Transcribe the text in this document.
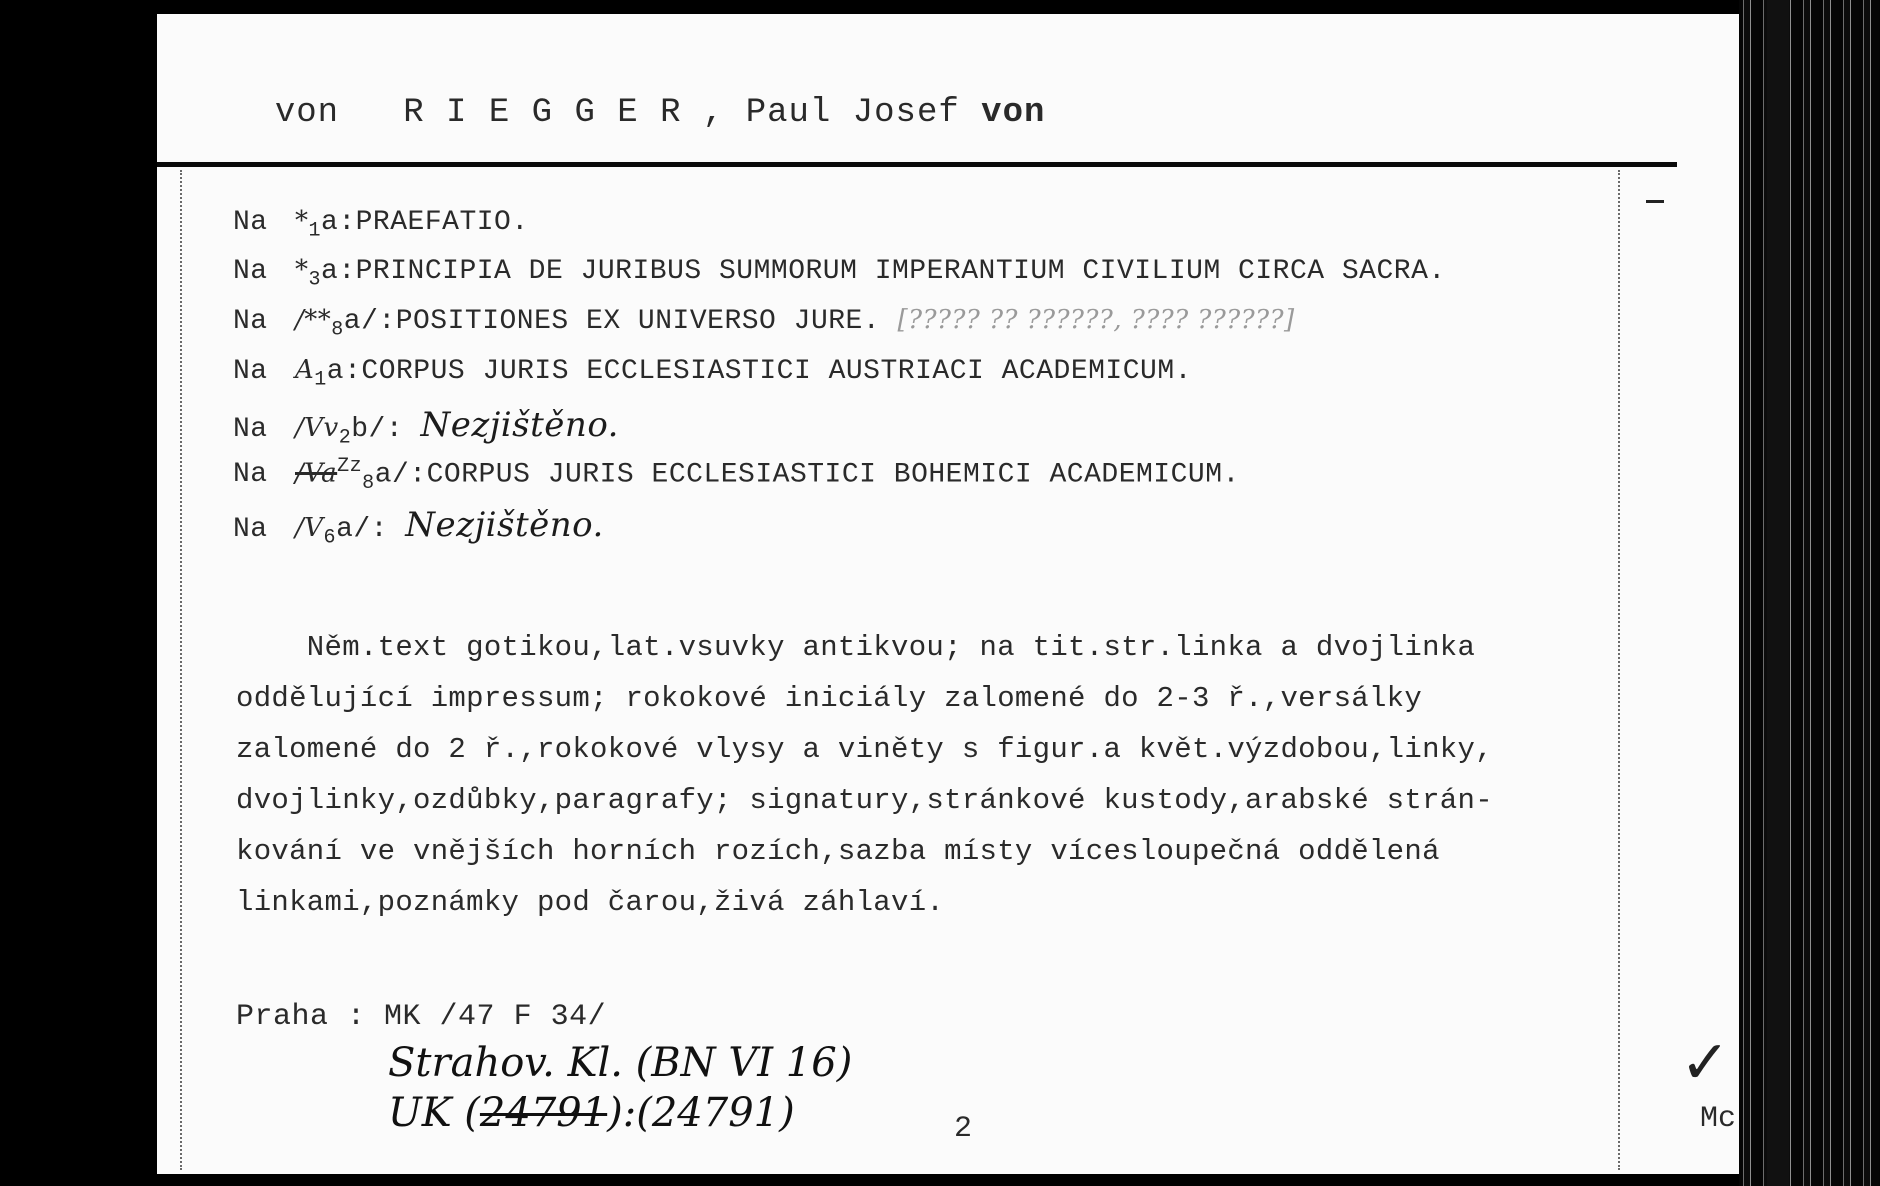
von R I E G G E R , Paul Josef von

Na $*_1a:PRAEFATIO$.
Na $*_3a:PRINCIPIA$ DE JURIBUS SUMMORUM IMPERANTIUM CIVILIUM CIRCA SACRA.
Na $/**_8a/:POSITIONES$ EX UNIVERSO JURE. [????? ?? ??????, ???? ??????]
Na $A_1a:CORPUS$ JURIS ECCLESIASTICI AUSTRIACI ACADEMICUM.
Na $/Vv_2b/$: Nezjištěno.
Na $/Va^{Zz}_8a/:CORPUS$ JURIS ECCLESIASTICI BOHEMICI ACADEMICUM.
Na $/V_6a/$: Nezjištěno.
Něm.text gotikou,lat.vsuvky antikvou; na tit.str.linka a dvojlinka
oddělující impressum; rokokové iniciály zalomené do 2-3 ř.,versálky
zalomené do 2 ř.,rokokové vlysy a viněty s figur.a květ.výzdobou,linky,
dvojlinky,ozdůbky,paragrafy; signatury,stránkové kustody,arabské strán-
kování ve vnějších horních rozích,sazba místy vícesloupečná oddělená
linkami,poznámky pod čarou,živá záhlaví.
Praha : MK /47 F 34/
Strahov. Kl. (BN VI 16)
UK (24791):(24791)	2
✓
Mc
